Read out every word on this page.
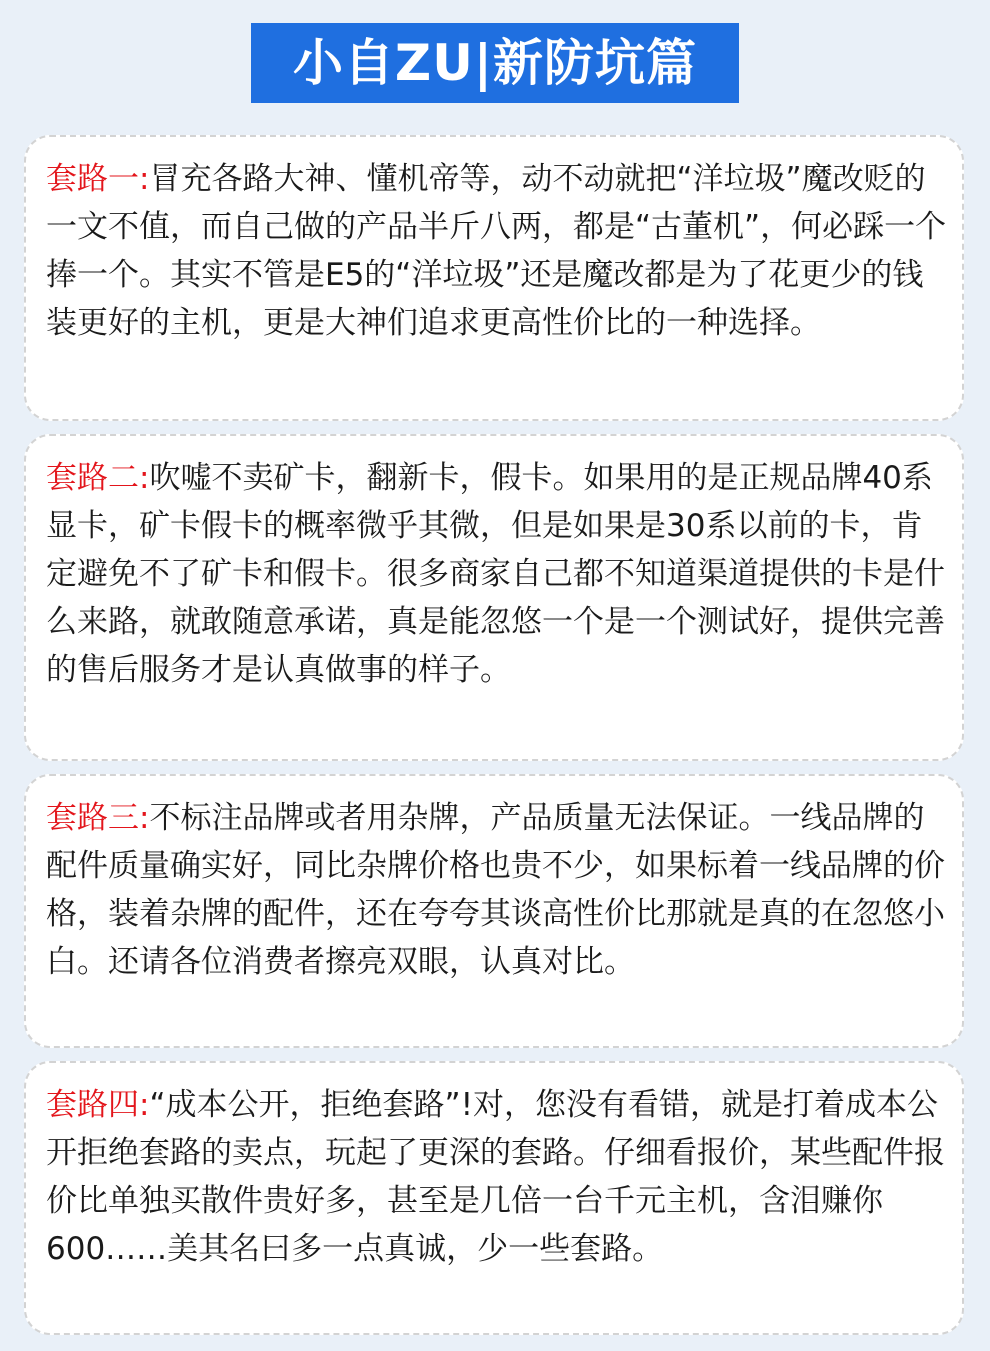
小自ZU|新防坑篇

套路一:冒充各路大神、懂机帝等，动不动就把“洋垃圾”魔改贬的一文不值，而自己做的产品半斤八两，都是“古董机”，何必踩一个捧一个。其实不管是E5的“洋垃圾”还是魔改都是为了花更少的钱装更好的主机，更是大神们追求更高性价比的一种选择。

套路二:吹嘘不卖矿卡，翻新卡，假卡。如果用的是正规品牌40系显卡，矿卡假卡的概率微乎其微，但是如果是30系以前的卡，肯定避免不了矿卡和假卡。很多商家自己都不知道渠道提供的卡是什么来路，就敢随意承诺，真是能忽悠一个是一个测试好，提供完善的售后服务才是认真做事的样子。

套路三:不标注品牌或者用杂牌，产品质量无法保证。一线品牌的配件质量确实好，同比杂牌价格也贵不少，如果标着一线品牌的价格，装着杂牌的配件，还在夸夸其谈高性价比那就是真的在忽悠小白。还请各位消费者擦亮双眼，认真对比。

套路四:“成本公开，拒绝套路”!对，您没有看错，就是打着成本公开拒绝套路的卖点，玩起了更深的套路。仔细看报价，某些配件报价比单独买散件贵好多，甚至是几倍一台千元主机，含泪赚你600……美其名曰多一点真诚，少一些套路。
